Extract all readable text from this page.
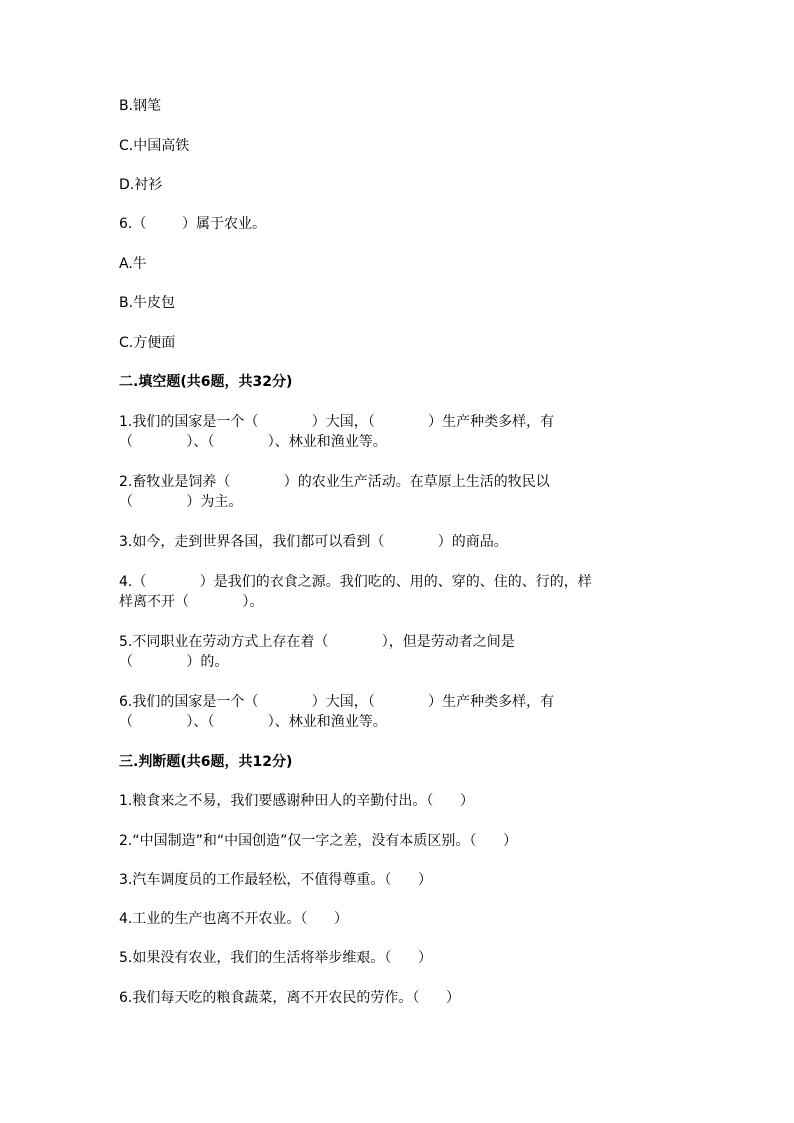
B.钢笔
C.中国高铁
D.衬衫
6.（        ）属于农业。
A.牛
B.牛皮包
C.方便面
二.填空题(共6题，共32分)
1.我们的国家是一个（            ）大国，（            ）生产种类多样，有
（            ）、（            ）、林业和渔业等。
2.畜牧业是饲养（            ）的农业生产活动。在草原上生活的牧民以
（            ）为主。
3.如今，走到世界各国，我们都可以看到（            ）的商品。
4.（            ）是我们的衣食之源。我们吃的、用的、穿的、住的、行的，样
样离不开（            ）。
5.不同职业在劳动方式上存在着（            ），但是劳动者之间是
（            ）的。
6.我们的国家是一个（            ）大国，（            ）生产种类多样，有
（            ）、（            ）、林业和渔业等。
三.判断题(共6题，共12分)
1.粮食来之不易，我们要感谢种田人的辛勤付出。（      ）
2.“中国制造”和“中国创造”仅一字之差，没有本质区别。（      ）
3.汽车调度员的工作最轻松，不值得尊重。（      ）
4.工业的生产也离不开农业。（      ）
5.如果没有农业，我们的生活将举步维艰。（      ）
6.我们每天吃的粮食蔬菜，离不开农民的劳作。（      ）
